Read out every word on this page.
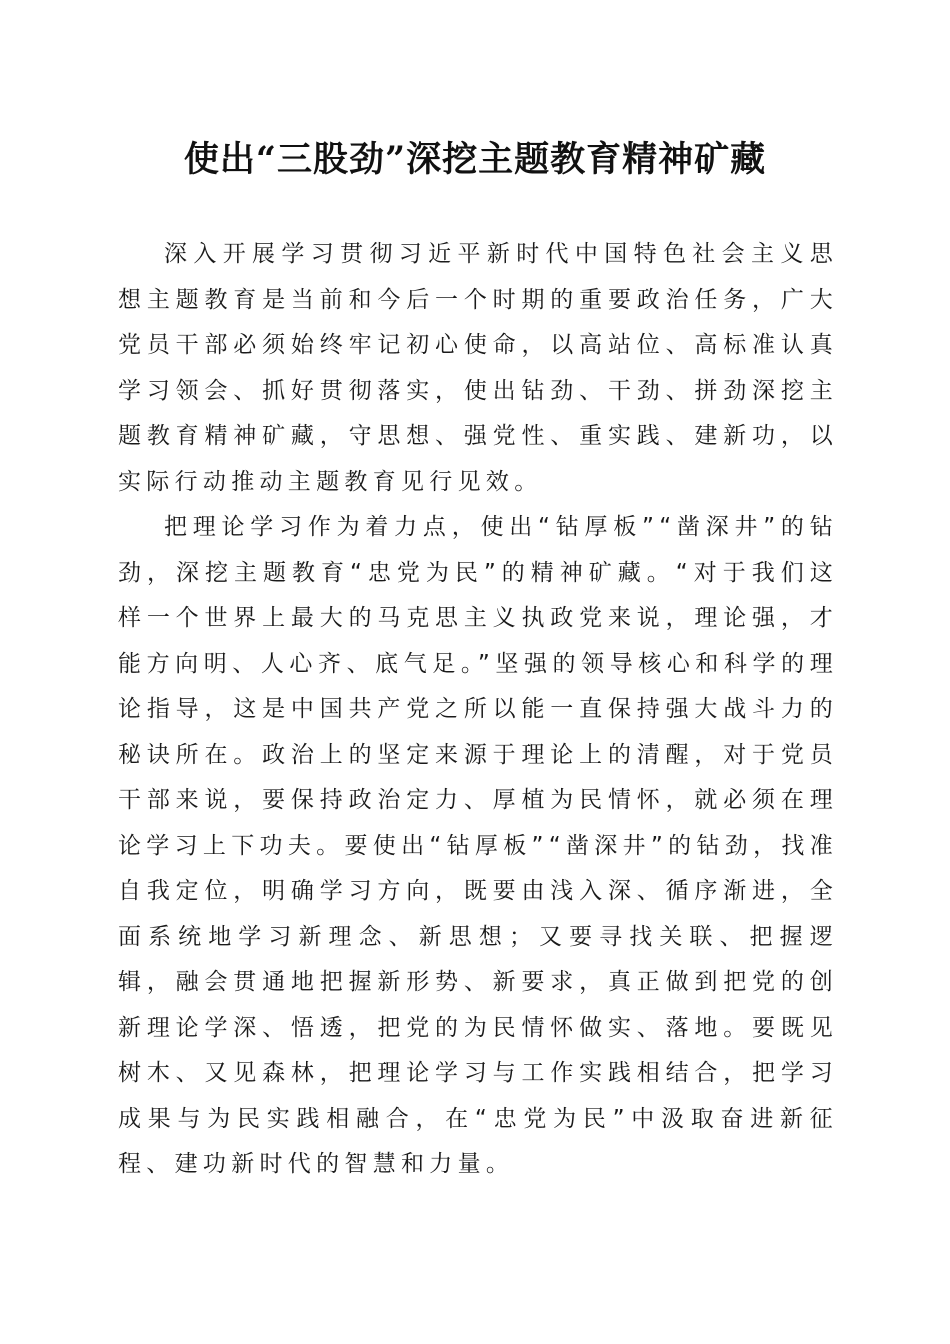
使出“三股劲”深挖主题教育精神矿藏

深入开展学习贯彻习近平新时代中国特色社会主义思想主题教育是当前和今后一个时期的重要政治任务，广大党员干部必须始终牢记初心使命，以高站位、高标准认真学习领会、抓好贯彻落实，使出钻劲、干劲、拼劲深挖主题教育精神矿藏，守思想、强党性、重实践、建新功，以实际行动推动主题教育见行见效。

把理论学习作为着力点，使出“钻厚板”“凿深井”的钻劲，深挖主题教育“忠党为民”的精神矿藏。“对于我们这样一个世界上最大的马克思主义执政党来说，理论强，才能方向明、人心齐、底气足。”坚强的领导核心和科学的理论指导，这是中国共产党之所以能一直保持强大战斗力的秘诀所在。政治上的坚定来源于理论上的清醒，对于党员干部来说，要保持政治定力、厚植为民情怀，就必须在理论学习上下功夫。要使出“钻厚板”“凿深井”的钻劲，找准自我定位，明确学习方向，既要由浅入深、循序渐进，全面系统地学习新理念、新思想；又要寻找关联、把握逻辑，融会贯通地把握新形势、新要求，真正做到把党的创新理论学深、悟透，把党的为民情怀做实、落地。要既见树木、又见森林，把理论学习与工作实践相结合，把学习成果与为民实践相融合，在“忠党为民”中汲取奋进新征程、建功新时代的智慧和力量。
